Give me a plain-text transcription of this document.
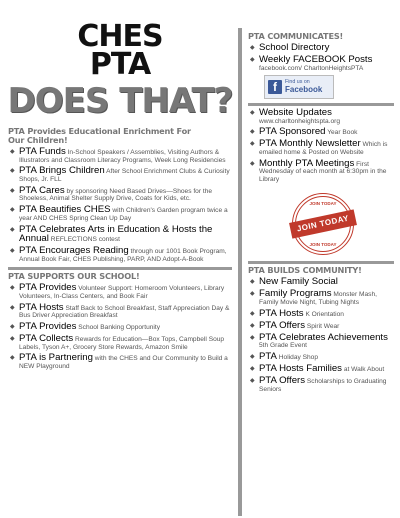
CHES
PTA
DOES THAT?
PTA Provides Educational Enrichment For
Our Children!
◆ PTA Funds In-School Speakers / Assemblies, Visiting Authors & Illustrators and Classroom Literacy Programs, Week Long Residencies
◆ PTA Brings Children After School Enrichment Clubs & Curiosity Shops, Jr. FLL
◆ PTA Cares by sponsoring Need Based Drives—Shoes for the Shoeless, Animal Shelter Supply Drive, Coats for Kids, etc.
◆ PTA Beautifies CHES with Children's Garden program twice a year AND CHES Spring Clean Up Day
◆ PTA Celebrates Arts in Education & Hosts the Annual REFLECTIONS contest
◆ PTA Encourages Reading through our 1001 Book Program, Annual Book Fair, CHES Publishing, PARP, AND Adopt-A-Book
PTA SUPPORTS OUR SCHOOL!
◆ PTA Provides Volunteer Support: Homeroom Volunteers, Library Volunteers, In-Class Centers, and Book Fair
◆ PTA Hosts Staff Back to School Breakfast, Staff Appreciation Day & Bus Driver Appreciation Breakfast
◆ PTA Provides School Banking Opportunity
◆ PTA Collects Rewards for Education—Box Tops, Campbell Soup Labels, Tyson A+, Grocery Store Rewards, Amazon Smile
◆ PTA is Partnering with the CHES and Our Community to Build a NEW Playground
PTA COMMUNICATES!
◆ School Directory
◆ Weekly FACEBOOK Posts facebook.com/ CharltonHeightsPTA
f	Find us on
Facebook
◆ Website Updates www.charltonheightspta.org
◆ PTA Sponsored Year Book
◆ PTA Monthly Newsletter Which is emailed home & Posted on Website
◆ Monthly PTA Meetings First Wednesday of each month at 6:30pm in the Library
JOIN TODAY
JOIN TODAY
JOIN TODAY
PTA BUILDS COMMUNITY!
◆ New Family Social
◆ Family Programs Monster Mash, Family Movie Night, Tubing Nights
◆ PTA Hosts K Orientation
◆ PTA Offers Spirit Wear
◆ PTA Celebrates Achievements 5th Grade Event
◆ PTA Holiday Shop
◆ PTA Hosts Families at Walk About
◆ PTA Offers Scholarships to Graduating Seniors
